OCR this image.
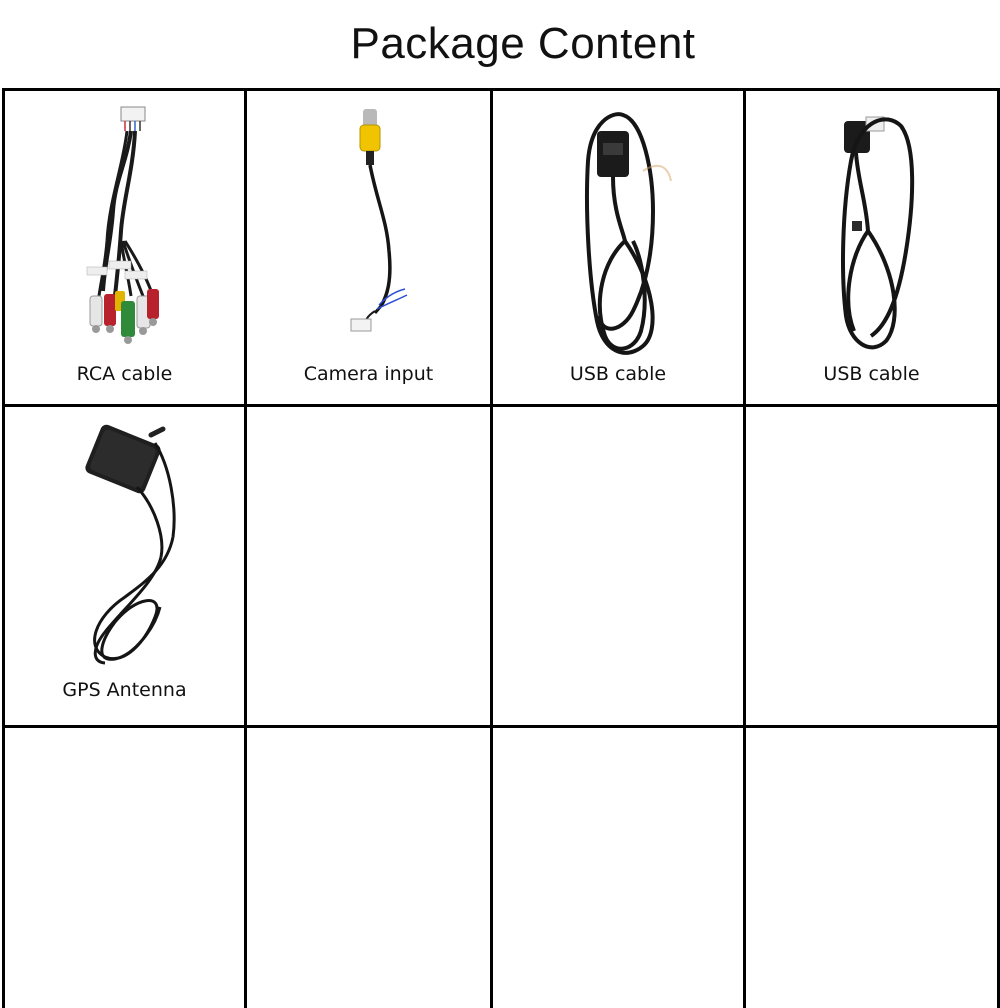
Package Content
RCA cable	Camera input	USB cable	USB cable
GPS Antenna
